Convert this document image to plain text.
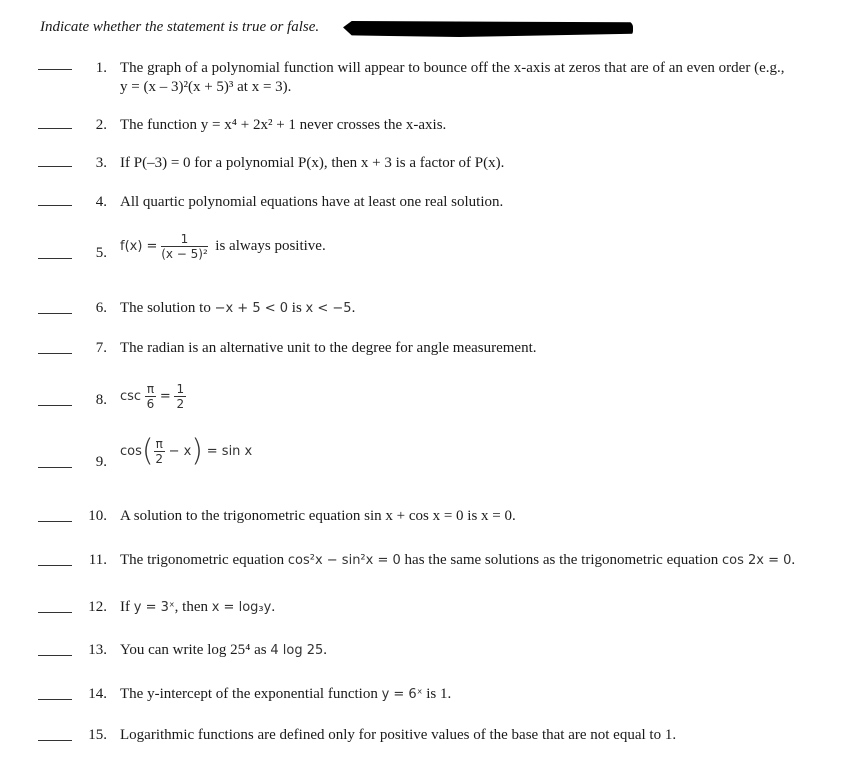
Indicate whether the statement is true or false.
1. The graph of a polynomial function will appear to bounce off the x-axis at zeros that are of an even order (e.g.,
y = (x – 3)²(x + 5)³ at x = 3).
2. The function y = x⁴ + 2x² + 1 never crosses the x-axis.
3. If P(–3) = 0 for a polynomial P(x), then x + 3 is a factor of P(x).
4. All quartic polynomial equations have at least one real solution.
5. $f(x) = \frac{1}{\text{(x − 5)²}}$ is always positive.
6. The solution to −x + 5 < 0 is x < −5.
7. The radian is an alternative unit to the degree for angle measurement.
8. $\csc \frac{\pi}{6} = \frac{1}{2}$
9.
$\cos( \frac{\pi}{2} - x) = \sin x$
10. A solution to the trigonometric equation sin x + cos x = 0 is x = 0.
11. The trigonometric equation cos²x − sin²x = 0 has the same solutions as the trigonometric equation cos 2x = 0.
12. If y = 3ˣ, then x = log₃y.
13. You can write log 25⁴ as 4 log 25.
14. The y-intercept of the exponential function y = 6ˣ is 1.
15. Logarithmic functions are defined only for positive values of the base that are not equal to 1.
